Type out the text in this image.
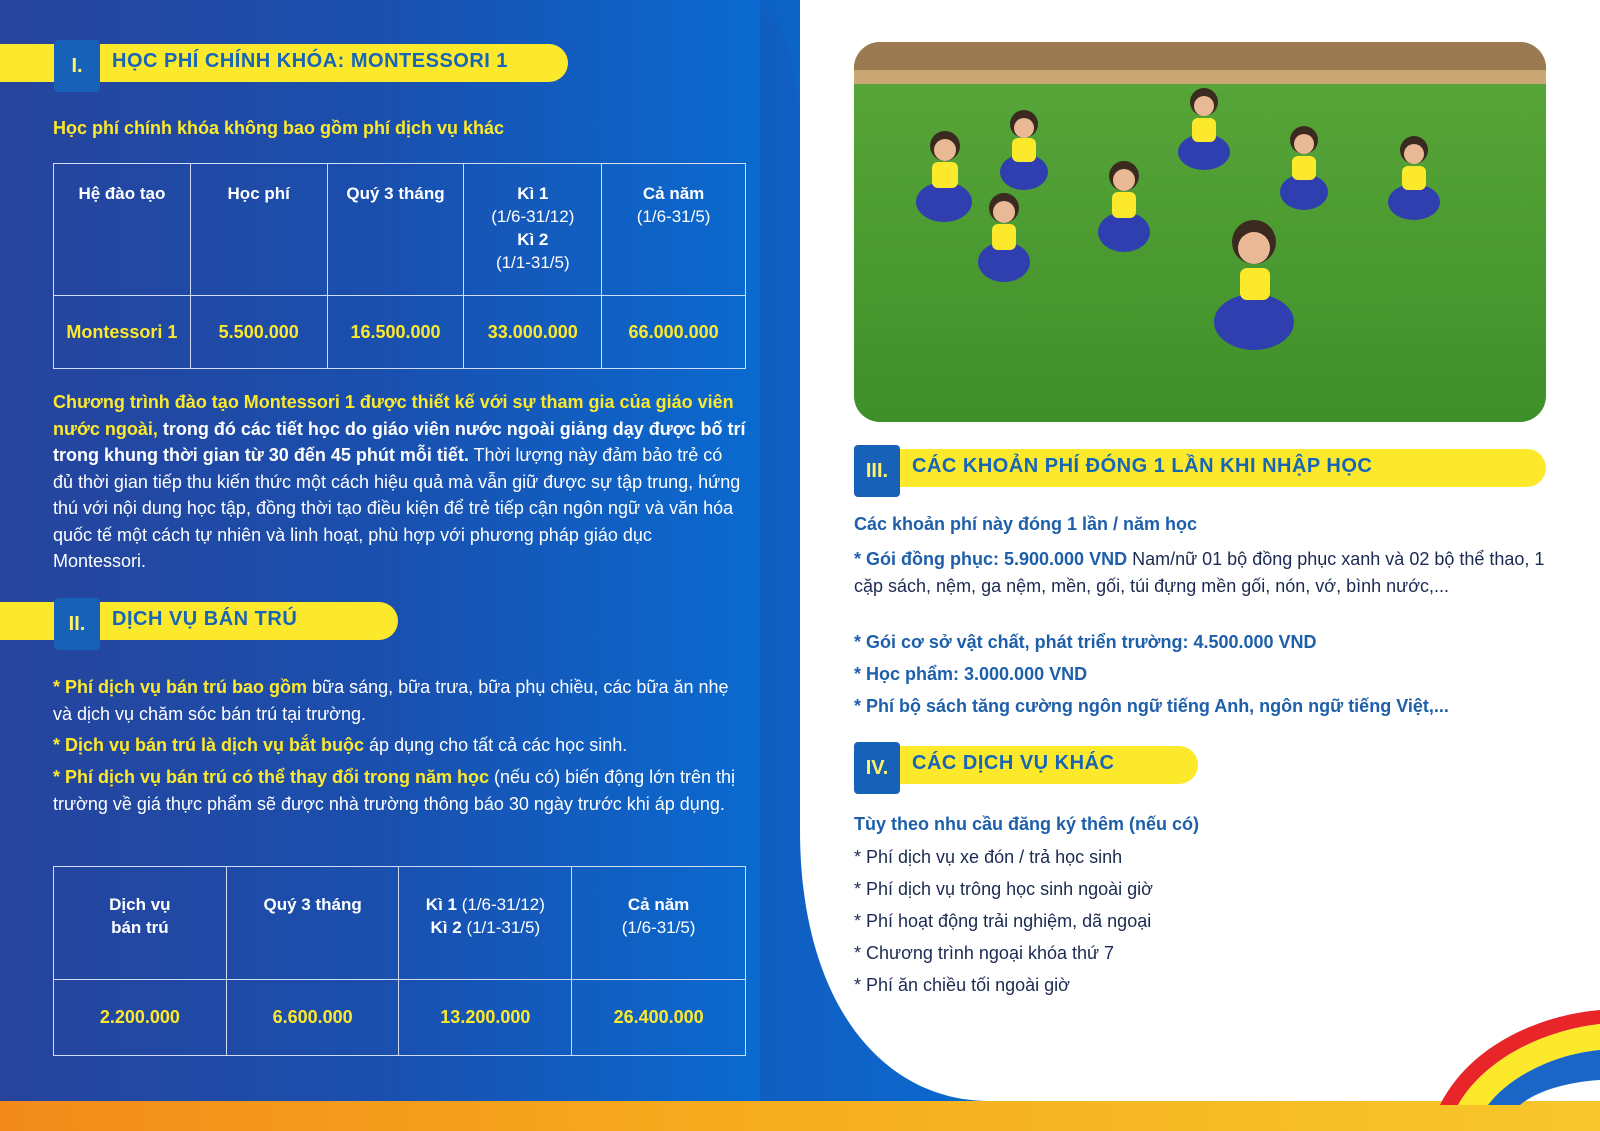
I.	HỌC PHÍ CHÍNH KHÓA: MONTESSORI 1
Học phí chính khóa không bao gồm phí dịch vụ khác
Hệ đào tạo	Học phí	Quý 3 tháng	Kì 1
(1/6-31/12)
Kì 2
(1/1-31/5)	Cả năm
(1/6-31/5)
Montessori 1	5.500.000	16.500.000	33.000.000	66.000.000
Chương trình đào tạo Montessori 1 được thiết kế với sự tham gia của giáo viên nước ngoài, trong đó các tiết học do giáo viên nước ngoài giảng dạy được bố trí trong khung thời gian từ 30 đến 45 phút mỗi tiết. Thời lượng này đảm bảo trẻ có đủ thời gian tiếp thu kiến thức một cách hiệu quả mà vẫn giữ được sự tập trung, hứng thú với nội dung học tập, đồng thời tạo điều kiện để trẻ tiếp cận ngôn ngữ và văn hóa quốc tế một cách tự nhiên và linh hoạt, phù hợp với phương pháp giáo dục Montessori.
II.	DỊCH VỤ BÁN TRÚ
* Phí dịch vụ bán trú bao gồm bữa sáng, bữa trưa, bữa phụ chiều, các bữa ăn nhẹ và dịch vụ chăm sóc bán trú tại trường.
* Dịch vụ bán trú là dịch vụ bắt buộc áp dụng cho tất cả các học sinh.
* Phí dịch vụ bán trú có thể thay đổi trong năm học (nếu có) biến động lớn trên thị trường về giá thực phẩm sẽ được nhà trường thông báo 30 ngày trước khi áp dụng.
Dịch vụ
bán trú	Quý 3 tháng	Kì 1 (1/6-31/12)
Kì 2 (1/1-31/5)	Cả năm
(1/6-31/5)
2.200.000	6.600.000	13.200.000	26.400.000
III.	CÁC KHOẢN PHÍ ĐÓNG 1 LẦN KHI NHẬP HỌC
Các khoản phí này đóng 1 lần / năm học
* Gói đồng phục: 5.900.000 VND Nam/nữ 01 bộ đồng phục xanh và 02 bộ thể thao, 1 cặp sách, nệm, ga nệm, mền, gối, túi đựng mền gối, nón, vớ, bình nước,...
* Gói cơ sở vật chất, phát triển trường: 4.500.000 VND
* Học phẩm: 3.000.000 VND
* Phí bộ sách tăng cường ngôn ngữ tiếng Anh, ngôn ngữ tiếng Việt,...
IV.	CÁC DỊCH VỤ KHÁC
Tùy theo nhu cầu đăng ký thêm (nếu có)
* Phí dịch vụ xe đón / trả học sinh
* Phí dịch vụ trông học sinh ngoài giờ
* Phí hoạt động trải nghiệm, dã ngoại
* Chương trình ngoại khóa thứ 7
* Phí ăn chiều tối ngoài giờ
